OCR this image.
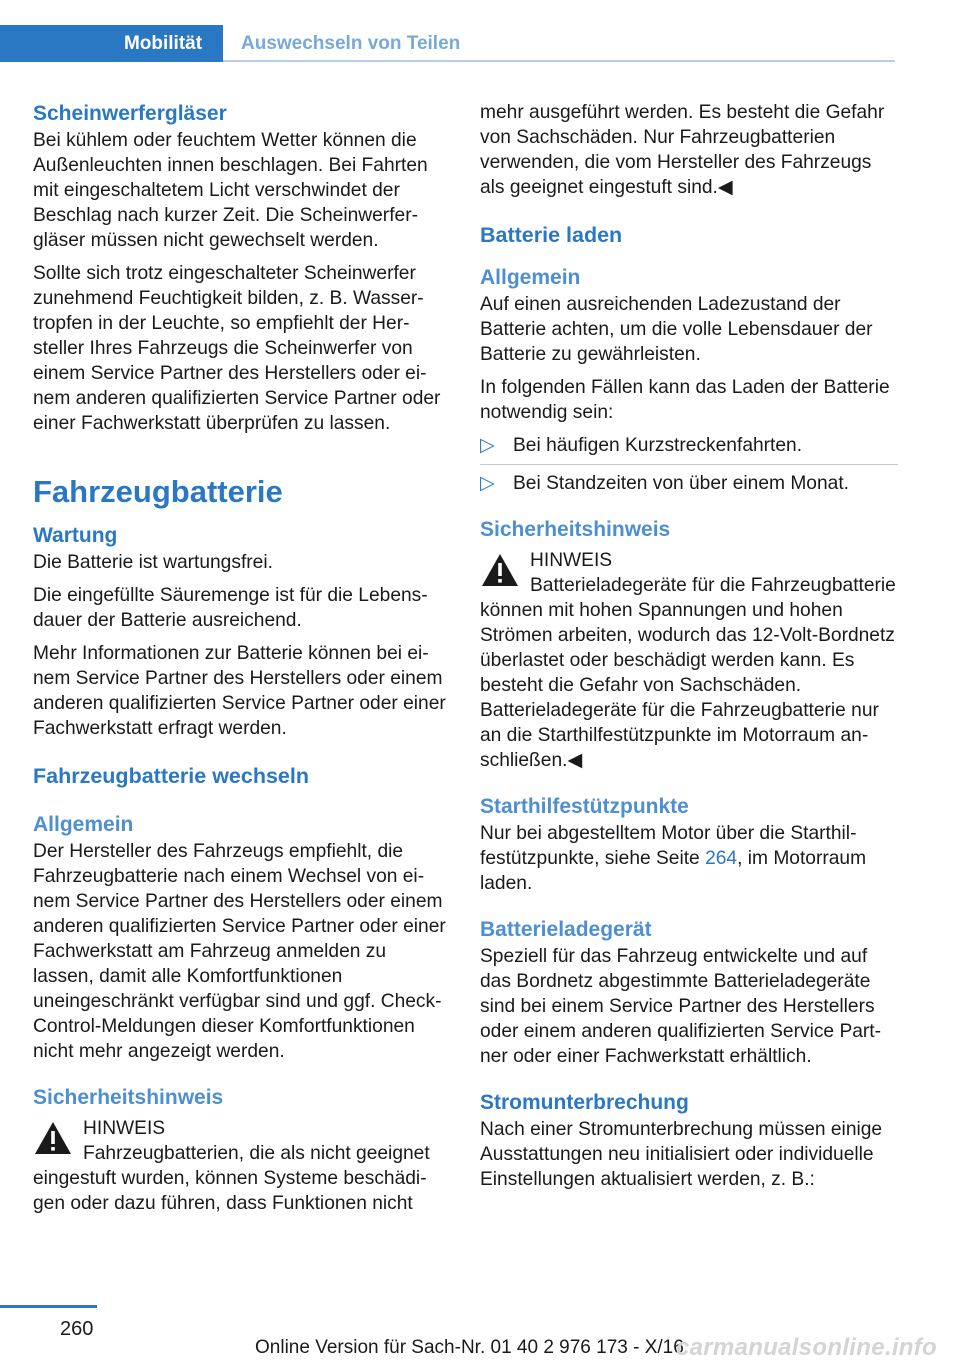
Mobilität	Auswechseln von Teilen
Scheinwerfergläser

Bei kühlem oder feuchtem Wetter können die Außenleuchten innen beschlagen. Bei Fahrten mit eingeschaltetem Licht verschwindet der Beschlag nach kurzer Zeit. Die Scheinwerfergläser müssen nicht gewechselt werden.

Sollte sich trotz eingeschalteter Scheinwerfer zunehmend Feuchtigkeit bilden, z. B. Wassertropfen in der Leuchte, so empfiehlt der Hersteller Ihres Fahrzeugs die Scheinwerfer von einem Service Partner des Herstellers oder einem anderen qualifizierten Service Partner oder einer Fachwerkstatt überprüfen zu lassen.

Fahrzeugbatterie
Wartung

Die Batterie ist wartungsfrei.

Die eingefüllte Säuremenge ist für die Lebensdauer der Batterie ausreichend.

Mehr Informationen zur Batterie können bei einem Service Partner des Herstellers oder einem anderen qualifizierten Service Partner oder einer Fachwerkstatt erfragt werden.

Fahrzeugbatterie wechseln
Allgemein

Der Hersteller des Fahrzeugs empfiehlt, die Fahrzeugbatterie nach einem Wechsel von einem Service Partner des Herstellers oder einem anderen qualifizierten Service Partner oder einer Fachwerkstatt am Fahrzeug anmelden zu lassen, damit alle Komfortfunktionen uneingeschränkt verfügbar sind und ggf. Check-Control-Meldungen dieser Komfortfunktionen nicht mehr angezeigt werden.

Sicherheitshinweis
HINWEIS

Fahrzeugbatterien, die als nicht geeignet eingestuft wurden, können Systeme beschädigen oder dazu führen, dass Funktionen nicht

mehr ausgeführt werden. Es besteht die Gefahr von Sachschäden. Nur Fahrzeugbatterien verwenden, die vom Hersteller des Fahrzeugs als geeignet eingestuft sind.◀

Batterie laden
Allgemein

Auf einen ausreichenden Ladezustand der Batterie achten, um die volle Lebensdauer der Batterie zu gewährleisten.

In folgenden Fällen kann das Laden der Batterie notwendig sein:

▷ Bei häufigen Kurzstreckenfahrten.
▷ Bei Standzeiten von über einem Monat.
Sicherheitshinweis
HINWEIS

Batterieladegeräte für die Fahrzeugbatterie können mit hohen Spannungen und hohen Strömen arbeiten, wodurch das 12-Volt-Bordnetz überlastet oder beschädigt werden kann. Es besteht die Gefahr von Sachschäden. Batterieladegeräte für die Fahrzeugbatterie nur an die Starthilfestützpunkte im Motorraum anschließen.◀

Starthilfestützpunkte

Nur bei abgestelltem Motor über die Starthilfestützpunkte, siehe Seite 264, im Motorraum laden.

Batterieladegerät

Speziell für das Fahrzeug entwickelte und auf das Bordnetz abgestimmte Batterieladegeräte sind bei einem Service Partner des Herstellers oder einem anderen qualifizierten Service Partner oder einer Fachwerkstatt erhältlich.

Stromunterbrechung

Nach einer Stromunterbrechung müssen einige Ausstattungen neu initialisiert oder individuelle Einstellungen aktualisiert werden, z. B.:

260
Online Version für Sach-Nr. 01 40 2 976 173 - X/16
carmanualsonline.info
